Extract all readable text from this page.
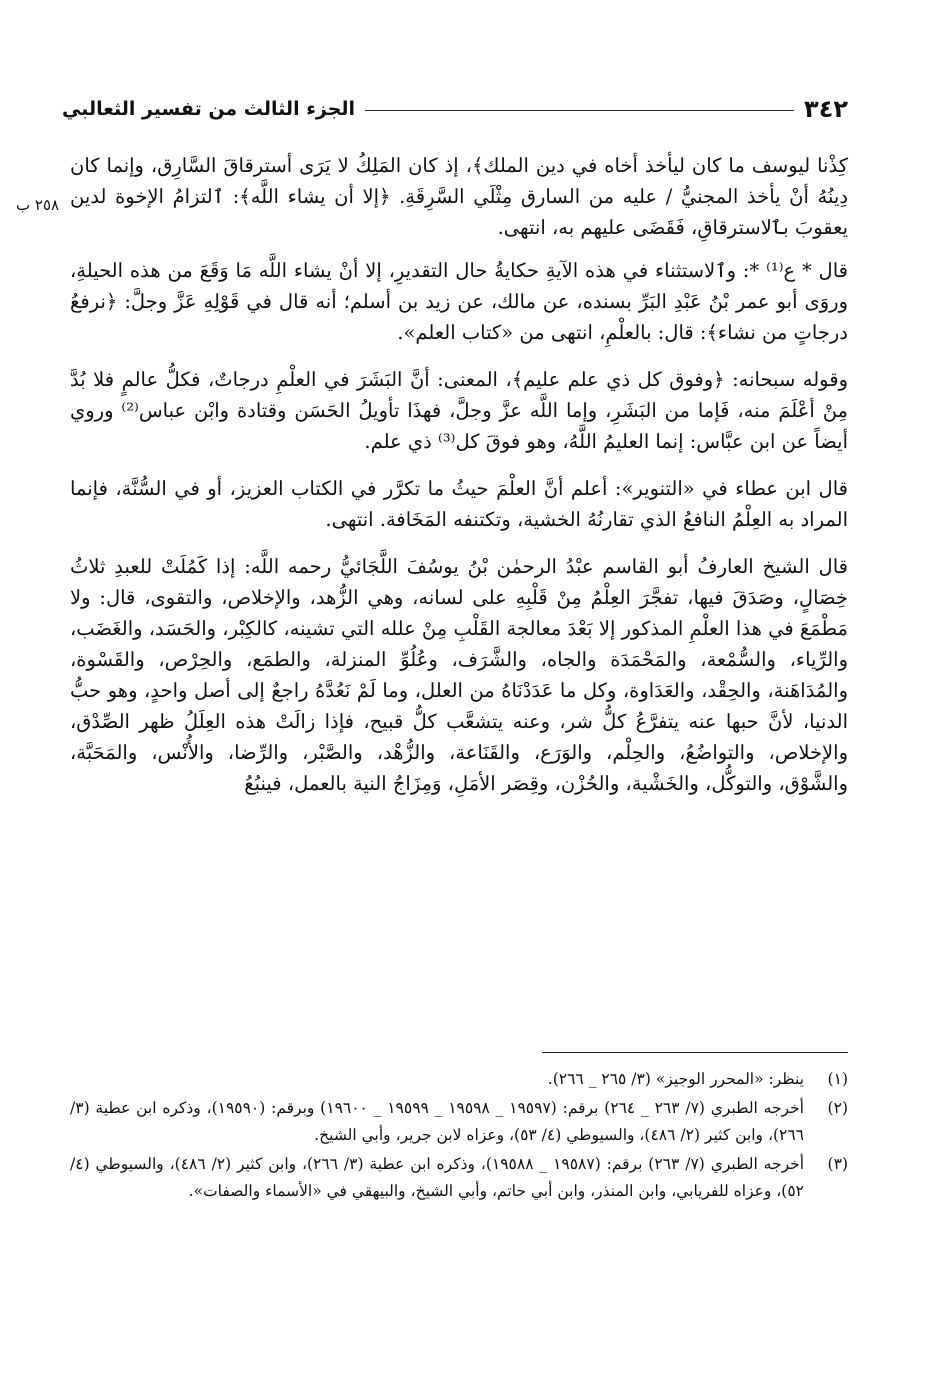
٣٤٢
الجزء الثالث من تفسير الثعالبي
٢٥٨ ب

كِذْنا ليوسف ما كان ليأخذ أخاه في دين الملك﴾، إذ كان المَلِكُ لا يَرَى أسترقاقَ السَّارِق، وإنما كان دِينُهُ أنْ يأخذ المجنيُّ / عليه من السارق مِثْلَي السَّرِقَةِ. ﴿إلا أن يشاء اللَّه﴾: ٱلتزامُ الإخوة لدين يعقوبَ بٱلاسترقاقِ، فَقَضَى عليهم به، انتهى.

قال * ع⁽¹⁾ *: وٱلاستثناء في هذه الآيةِ حكايةُ حال التقديرِ، إلا أنْ يشاء اللَّه مَا وَقَعَ من هذه الحيلةِ، وروَى أبو عمر بْنُ عَبْدِ البَرِّ بسنده، عن مالك، عن زيد بن أسلم؛ أنه قال في قَوْلِهِ عَزَّ وجلَّ: ﴿نرفعُ درجاتٍ من نشاء﴾: قال: بالعلْمِ، انتهى من «كتاب العلم».

وقوله سبحانه: ﴿وفوق كل ذي علم عليم﴾، المعنى: أنَّ البَشَرَ في العلْمِ درجاتٌ، فكلُّ عالمٍ فلا بُدَّ مِنْ أعْلَمَ منه، فَإما من البَشَرِ، وإما اللَّه عزَّ وجلَّ، فهذَا تأويلُ الحَسَن وقتادة وابْن عباس⁽²⁾ وروي أيضاً عن ابن عبَّاس: إنما العليمُ اللَّهُ، وهو فوقَ كل⁽³⁾ ذي علم.

قال ابن عطاء في «التنوير»: أعلم أنَّ العلْمَ حيثُ ما تكرَّر في الكتاب العزيز، أو في السُّنَّة، فإنما المراد به العِلْمُ النافعُ الذي تقارنُهُ الخشية، وتكتنفه المَخَافة. انتهى.

قال الشيخ العارفُ أبو القاسم عبْدُ الرحمٰن بْنُ يوسُفَ اللَّجَائيُّ رحمه اللَّه: إذا كَمُلَتْ للعبدِ ثلاثُ خِصَالٍ، وصَدَقَ فيها، تفجَّرَ العِلْمُ مِنْ قَلْبِهِ على لسانه، وهي الزُّهد، والإخلاص، والتقوى، قال: ولا مَطْمَعَ في هذا العلْمِ المذكور إلا بَعْدَ معالجة القَلْبِ مِنْ علله التي تشينه، كالكِبْر، والحَسَد، والغَضَب، والرِّياء، والسُّمْعة، والمَحْمَدَة والجاه، والشَّرَف، وعُلُوِّ المنزلة، والطمَع، والحِرْص، والقَسْوة، والمُدَاهَنة، والحِقْد، والعَدَاوة، وكل ما عَدَدْنَاهُ من العلل، وما لَمْ نَعُدَّهُ راجعٌ إلى أصل واحدٍ، وهو حبُّ الدنيا، لأنَّ حبها عنه يتفرَّعُ كلُّ شر، وعنه يتشعَّب كلُّ قبيح، فإذا زالَتْ هذه العِلَلُ ظهر الصِّدْق، والإخلاص، والتواضُعُ، والحِلْم، والوَرَع، والقَنَاعة، والزُّهْد، والصَّبْر، والرِّضا، والأُنْس، والمَحَبَّة، والشَّوْق، والتوكُّل، والخَشْية، والحُزْن، وقِصَر الأمَلِ، وَمِزَاجُ النية بالعمل، فينبُعُ

(١)
ينظر: «المحرر الوجيز» (٣/ ٢٦٥ _ ٢٦٦).
(٢)
أخرجه الطبري (٧/ ٢٦٣ _ ٢٦٤) برقم: (١٩٥٩٧ _ ١٩٥٩٨ _ ١٩٥٩٩ _ ١٩٦٠٠) وبرقم: (١٩٥٩٠)، وذكره ابن عطية (٣/ ٢٦٦)، وابن كثير (٢/ ٤٨٦)، والسيوطي (٤/ ٥٣)، وعزاه لابن جرير، وأبي الشيخ.
(٣)
أخرجه الطبري (٧/ ٢٦٣) برقم: (١٩٥٨٧ _ ١٩٥٨٨)، وذكره ابن عطية (٣/ ٢٦٦)، وابن كثير (٢/ ٤٨٦)، والسيوطي (٤/ ٥٢)، وعزاه للفريابي، وابن المنذر، وابن أبي حاتم، وأبي الشيخ، والبيهقي في «الأسماء والصفات».
